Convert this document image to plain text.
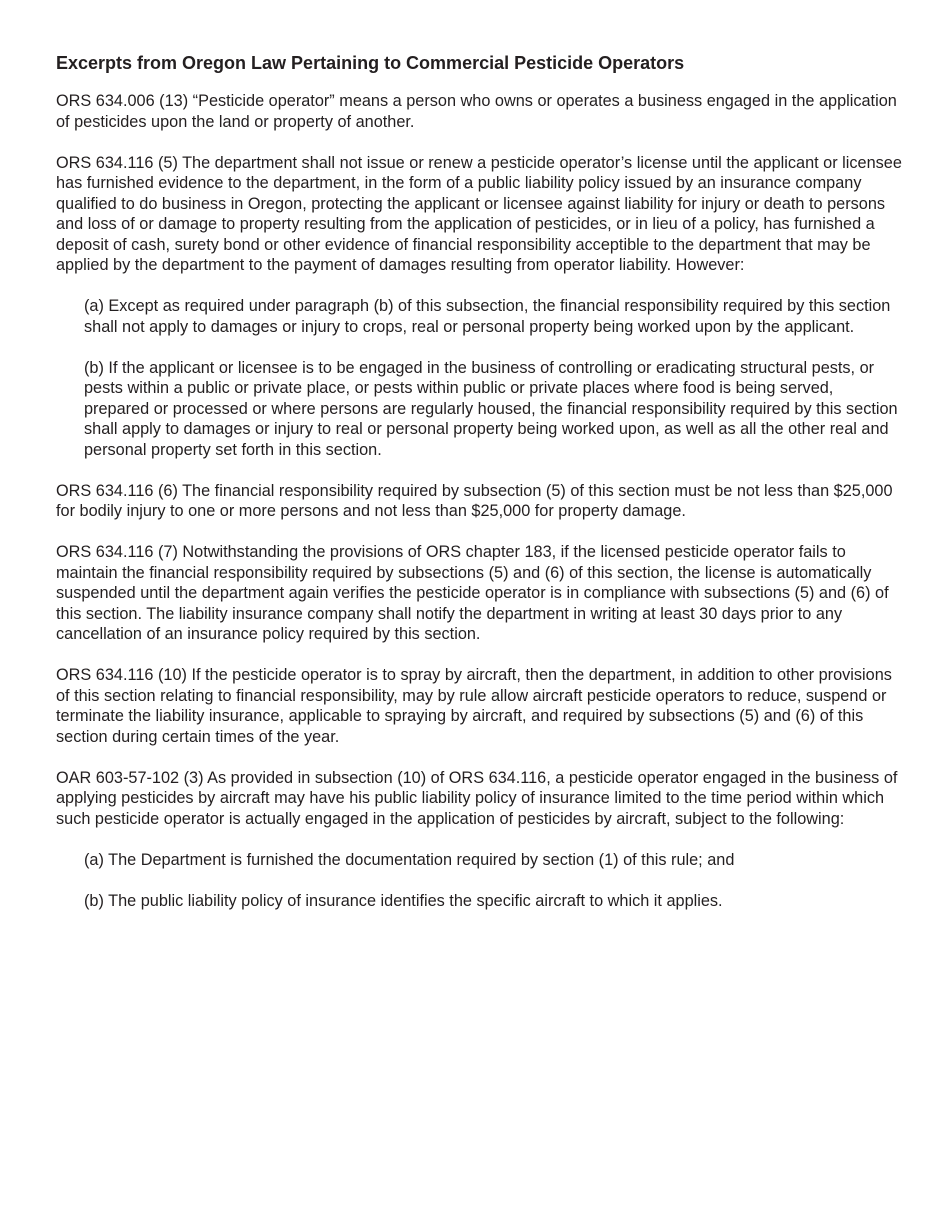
Excerpts from Oregon Law Pertaining to Commercial Pesticide Operators

ORS 634.006 (13) “Pesticide operator” means a person who owns or operates a business engaged in the application of pesticides upon the land or property of another.

ORS 634.116 (5) The department shall not issue or renew a pesticide operator’s license until the applicant or licensee has furnished evidence to the department, in the form of a public liability policy issued by an insurance company qualified to do business in Oregon, protecting the applicant or licensee against liability for injury or death to persons and loss of or damage to property resulting from the application of pesticides, or in lieu of a policy, has furnished a deposit of cash, surety bond or other evidence of financial responsibility acceptible to the department that may be applied by the department to the payment of damages resulting from operator liability. However:

(a) Except as required under paragraph (b) of this subsection, the financial responsibility required by this section shall not apply to damages or injury to crops, real or personal property being worked upon by the applicant.

(b) If the applicant or licensee is to be engaged in the business of controlling or eradicating structural pests, or pests within a public or private place, or pests within public or private places where food is being served, prepared or processed or where persons are regularly housed, the financial responsibility required by this section shall apply to damages or injury to real or personal property being worked upon, as well as all the other real and personal property set forth in this section.

ORS 634.116 (6) The financial responsibility required by subsection (5) of this section must be not less than $25,000 for bodily injury to one or more persons and not less than $25,000 for property damage.

ORS 634.116 (7) Notwithstanding the provisions of ORS chapter 183, if the licensed pesticide operator fails to maintain the financial responsibility required by subsections (5) and (6) of this section, the license is automatically suspended until the department again verifies the pesticide operator is in compliance with subsections (5) and (6) of this section. The liability insurance company shall notify the department in writing at least 30 days prior to any cancellation of an insurance policy required by this section.

ORS 634.116 (10) If the pesticide operator is to spray by aircraft, then the department, in addition to other provisions of this section relating to financial responsibility, may by rule allow aircraft pesticide operators to reduce, suspend or terminate the liability insurance, applicable to spraying by aircraft, and required by subsections (5) and (6) of this section during certain times of the year.

OAR 603-57-102 (3) As provided in subsection (10) of ORS 634.116, a pesticide operator engaged in the business of applying pesticides by aircraft may have his public liability policy of insurance limited to the time period within which such pesticide operator is actually engaged in the application of pesticides by aircraft, subject to the following:

(a) The Department is furnished the documentation required by section (1) of this rule; and

(b) The public liability policy of insurance identifies the specific aircraft to which it applies.
